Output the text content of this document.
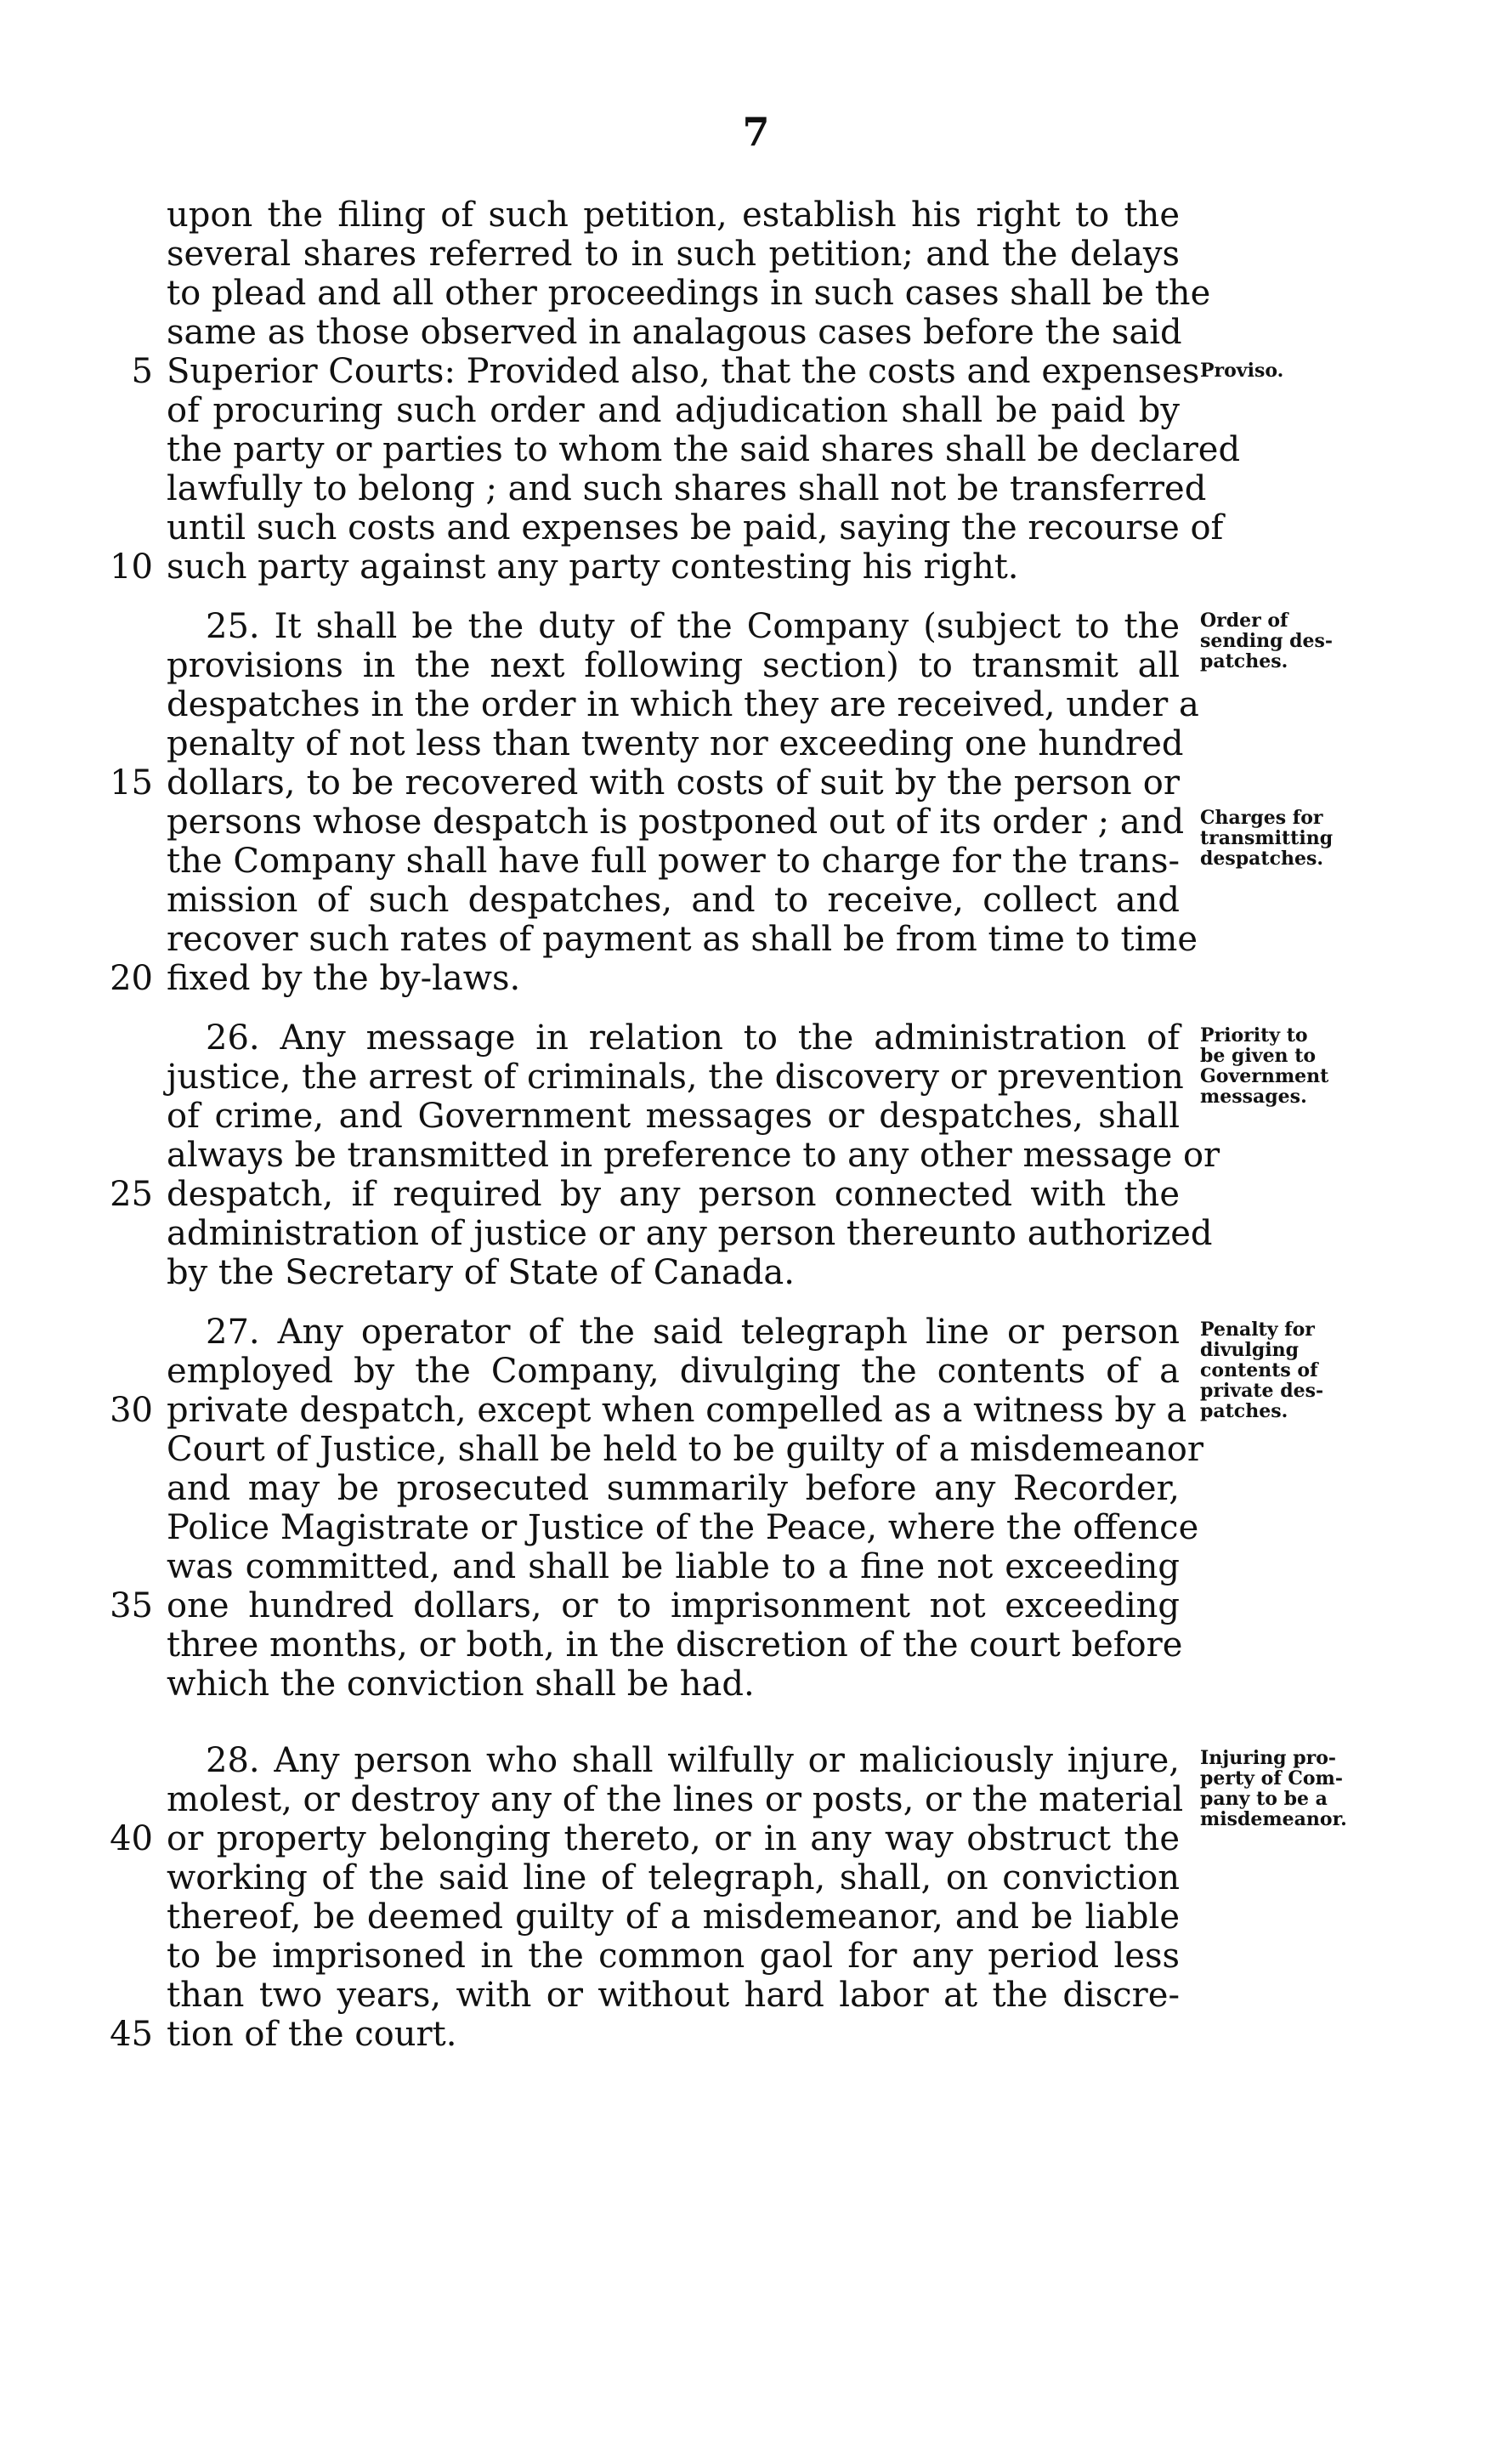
7
upon the filing of such petition, establish his right to the
several shares referred to in such petition; and the delays
to plead and all other proceedings in such cases shall be the
same as those observed in analagous cases before the said
Superior Courts: Provided also, that the costs and expenses
of procuring such order and adjudication shall be paid by
the party or parties to whom the said shares shall be declared
lawfully to belong ; and such shares shall not be transferred
until such costs and expenses be paid, saying the recourse of
such party against any party contesting his right.
25. It shall be the duty of the Company (subject to the
provisions in the next following section) to transmit all
despatches in the order in which they are received, under a
penalty of not less than twenty nor exceeding one hundred
dollars, to be recovered with costs of suit by the person or
persons whose despatch is postponed out of its order ; and
the Company shall have full power to charge for the trans-
mission of such despatches, and to receive, collect and
recover such rates of payment as shall be from time to time
fixed by the by-laws.
26. Any message in relation to the administration of
justice, the arrest of criminals, the discovery or prevention
of crime, and Government messages or despatches, shall
always be transmitted in preference to any other message or
despatch, if required by any person connected with the
administration of justice or any person thereunto authorized
by the Secretary of State of Canada.
27. Any operator of the said telegraph line or person
employed by the Company, divulging the contents of a
private despatch, except when compelled as a witness by a
Court of Justice, shall be held to be guilty of a misdemeanor
and may be prosecuted summarily before any Recorder,
Police Magistrate or Justice of the Peace, where the offence
was committed, and shall be liable to a fine not exceeding
one hundred dollars, or to imprisonment not exceeding
three months, or both, in the discretion of the court before
which the conviction shall be had.
28. Any person who shall wilfully or maliciously injure,
molest, or destroy any of the lines or posts, or the material
or property belonging thereto, or in any way obstruct the
working of the said line of telegraph, shall, on conviction
thereof, be deemed guilty of a misdemeanor, and be liable
to be imprisoned in the common gaol for any period less
than two years, with or without hard labor at the discre-
tion of the court.
5
10
15
20
25
30
35
40
45
Proviso.
Order of
sending des-
patches.
Charges for
transmitting
despatches.
Priority to
be given to
Government
messages.
Penalty for
divulging
contents of
private des-
patches.
Injuring pro-
perty of Com-
pany to be a
misdemeanor.
